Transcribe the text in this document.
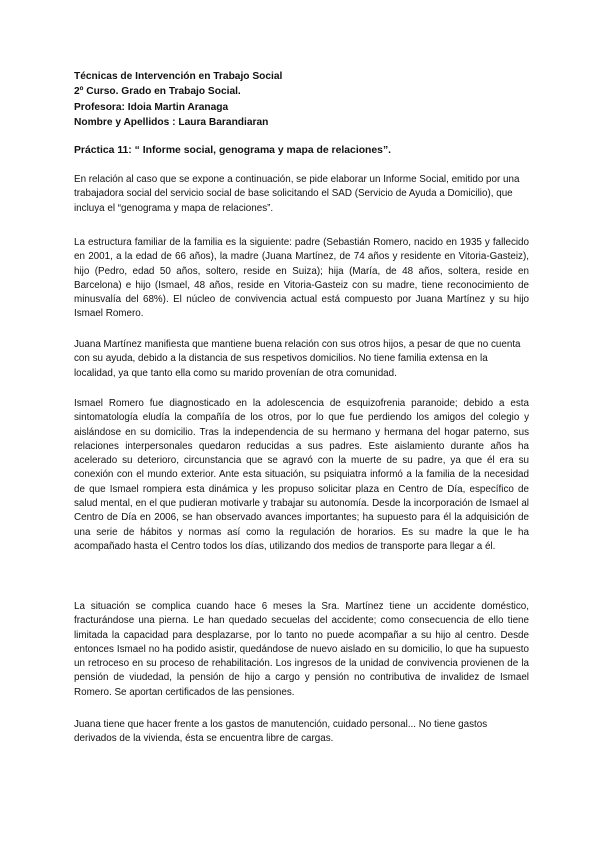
Técnicas de Intervención en Trabajo Social
2º Curso. Grado en Trabajo Social.
Profesora: Idoia Martin Aranaga
Nombre y Apellidos : Laura Barandiaran
Práctica 11: “ Informe social, genograma y mapa de relaciones”.

En relación al caso que se expone a continuación, se pide elaborar un Informe Social, emitido por una trabajadora social del servicio social de base solicitando el SAD (Servicio de Ayuda a Domicilio), que incluya el “genograma y mapa de relaciones”.

La estructura familiar de la familia es la siguiente: padre (Sebastián Romero, nacido en 1935 y fallecido en 2001, a la edad de 66 años), la madre (Juana Martínez, de 74 años y residente en Vitoria-Gasteiz), hijo (Pedro, edad 50 años, soltero, reside en Suiza); hija (María, de 48 años, soltera, reside en Barcelona) e hijo (Ismael, 48 años, reside en Vitoria-Gasteiz con su madre, tiene reconocimiento de minusvalía del 68%). El núcleo de convivencia actual está compuesto por Juana Martínez y su hijo Ismael Romero.

Juana Martínez manifiesta que mantiene buena relación con sus otros hijos, a pesar de que no cuenta con su ayuda, debido a la distancia de sus respetivos domicilios. No tiene familia extensa en la localidad, ya que tanto ella como su marido provenían de otra comunidad.

Ismael Romero fue diagnosticado en la adolescencia de esquizofrenia paranoide; debido a esta sintomatología eludía la compañía de los otros, por lo que fue perdiendo los amigos del colegio y aislándose en su domicilio. Tras la independencia de su hermano y hermana del hogar paterno, sus relaciones interpersonales quedaron reducidas a sus padres. Este aislamiento durante años ha acelerado su deterioro, circunstancia que se agravó con la muerte de su padre, ya que él era su conexión con el mundo exterior. Ante esta situación, su psiquiatra informó a la familia de la necesidad de que Ismael rompiera esta dinámica y les propuso solicitar plaza en Centro de Día, específico de salud mental, en el que pudieran motivarle y trabajar su autonomía. Desde la incorporación de Ismael al Centro de Día en 2006, se han observado avances importantes; ha supuesto para él la adquisición de una serie de hábitos y normas así como la regulación de horarios. Es su madre la que le ha acompañado hasta el Centro todos los días, utilizando dos medios de transporte para llegar a él.

La situación se complica cuando hace 6 meses la Sra. Martínez tiene un accidente doméstico, fracturándose una pierna. Le han quedado secuelas del accidente; como consecuencia de ello tiene limitada la capacidad para desplazarse, por lo tanto no puede acompañar a su hijo al centro. Desde entonces Ismael no ha podido asistir, quedándose de nuevo aislado en su domicilio, lo que ha supuesto un retroceso en su proceso de rehabilitación. Los ingresos de la unidad de convivencia provienen de la pensión de viudedad, la pensión de hijo a cargo y pensión no contributiva de invalidez de Ismael Romero. Se aportan certificados de las pensiones.

Juana tiene que hacer frente a los gastos de manutención, cuidado personal... No tiene gastos derivados de la vivienda, ésta se encuentra libre de cargas.
